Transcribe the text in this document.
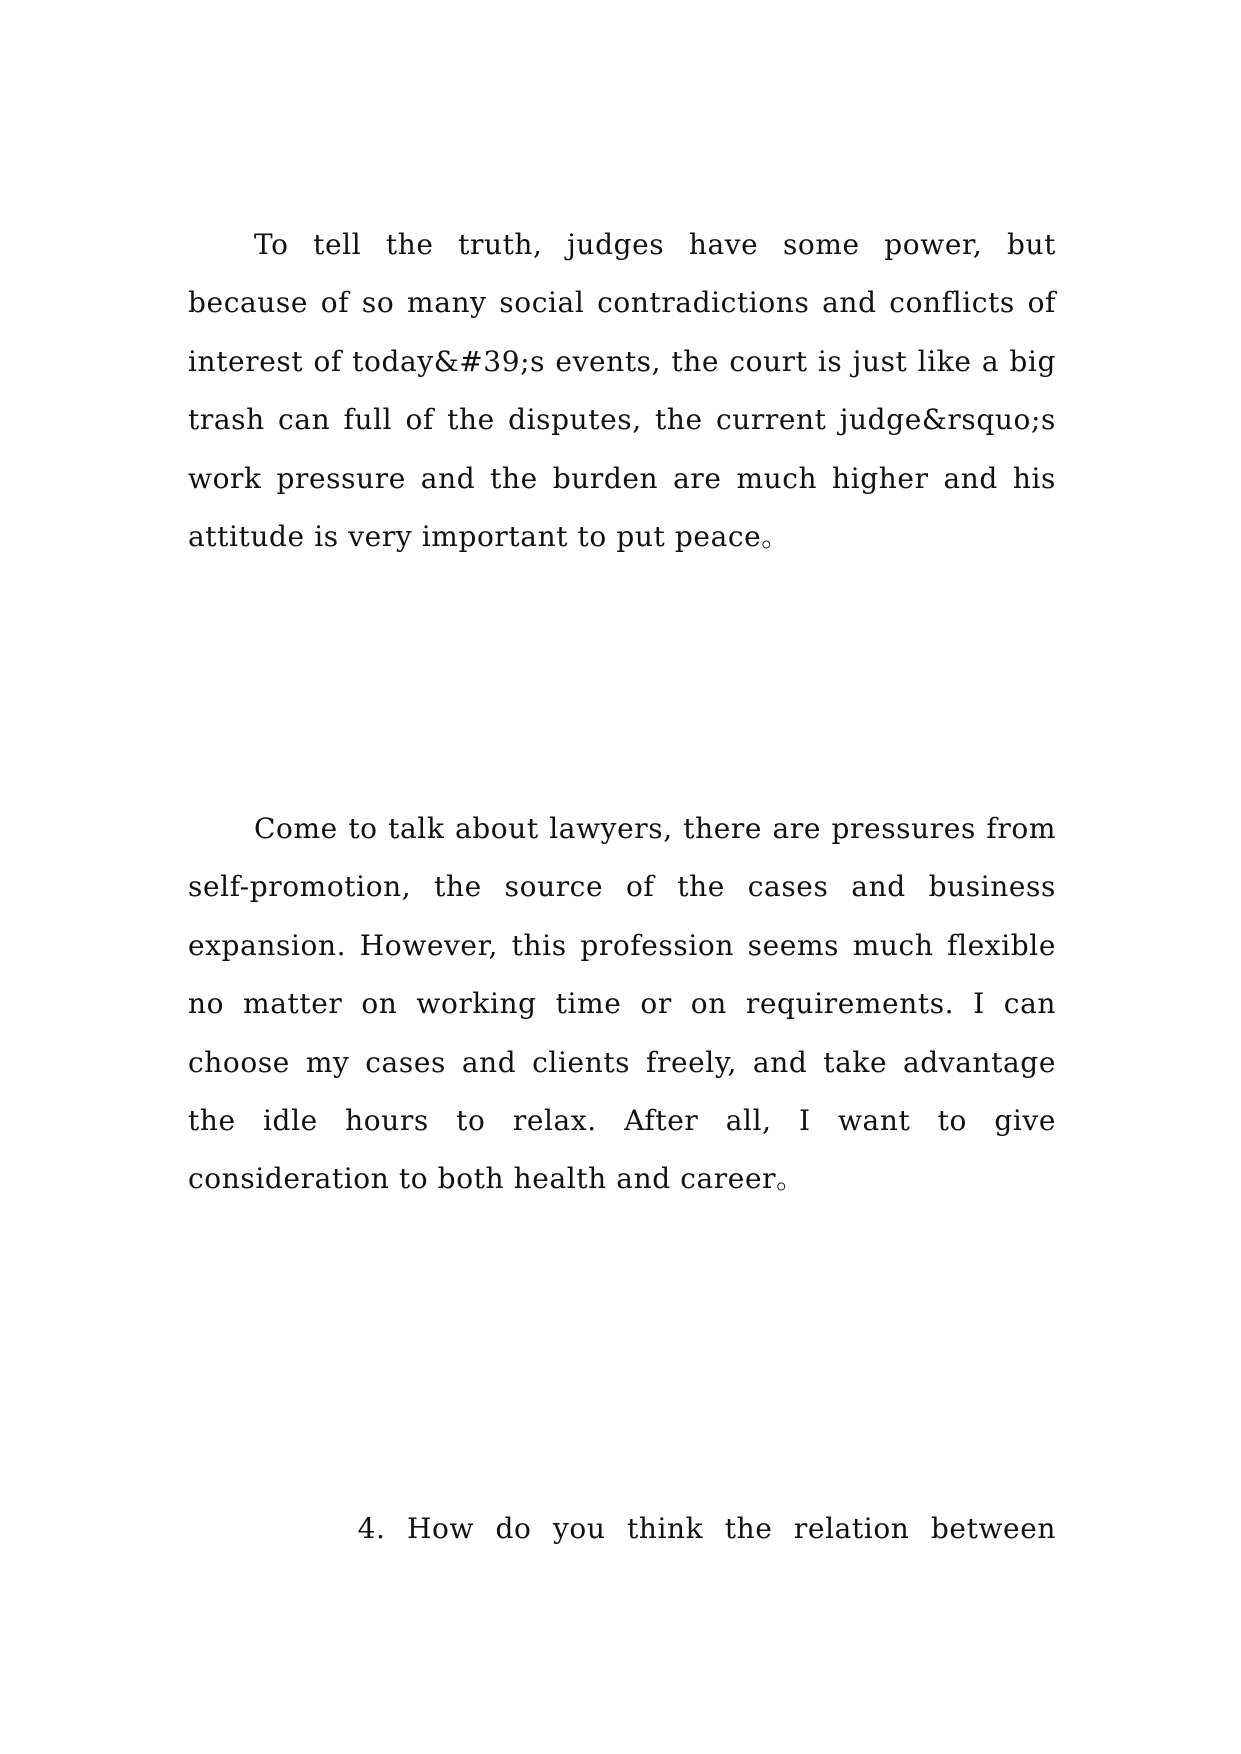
To tell the truth, judges have some power, but because of so many social contradictions and conflicts of interest of today&#39;s events, the court is just like a big trash can full of the disputes, the current judge&rsquo;s work pressure and the burden are much higher and his attitude is very important to put peace。

Come to talk about lawyers, there are pressures from self-promotion, the source of the cases and business expansion. However, this profession seems much flexible no matter on working time or on requirements. I can choose my cases and clients freely, and take advantage the idle hours to relax. After all, I want to give consideration to both health and career。

4. How do you think the relation between
